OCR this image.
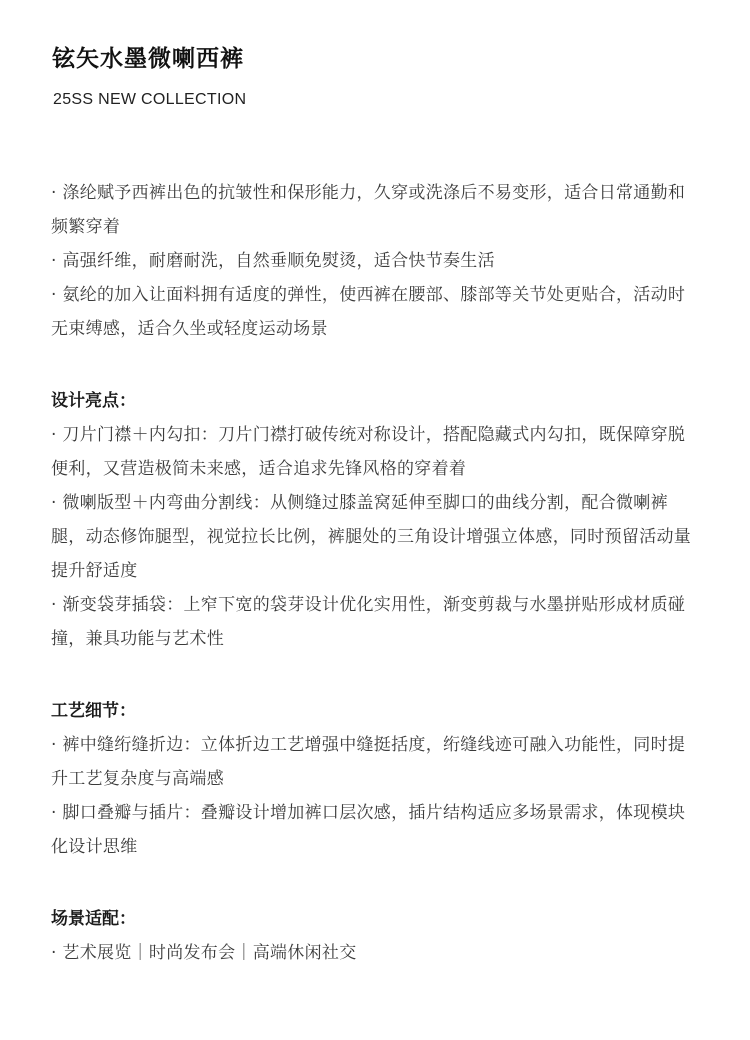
铉矢水墨微喇西裤

25SS NEW COLLECTION

· 涤纶赋予西裤出色的抗皱性和保形能力，久穿或洗涤后不易变形，适合日常通勤和频繁穿着

· 高强纤维，耐磨耐洗，自然垂顺免熨烫，适合快节奏生活

· 氨纶的加入让面料拥有适度的弹性，使西裤在腰部、膝部等关节处更贴合，活动时无束缚感，适合久坐或轻度运动场景

设计亮点：

· 刀片门襟＋内勾扣：刀片门襟打破传统对称设计，搭配隐藏式内勾扣，既保障穿脱便利，又营造极简未来感，适合追求先锋风格的穿着着

· 微喇版型＋内弯曲分割线：从侧缝过膝盖窝延伸至脚口的曲线分割，配合微喇裤腿，动态修饰腿型，视觉拉长比例，裤腿处的三角设计增强立体感，同时预留活动量提升舒适度

· 渐变袋芽插袋：上窄下宽的袋芽设计优化实用性，渐变剪裁与水墨拼贴形成材质碰撞，兼具功能与艺术性

工艺细节：

· 裤中缝绗缝折边：立体折边工艺增强中缝挺括度，绗缝线迹可融入功能性，同时提升工艺复杂度与高端感

· 脚口叠瓣与插片：叠瓣设计增加裤口层次感，插片结构适应多场景需求，体现模块化设计思维

场景适配：

· 艺术展览｜时尚发布会｜高端休闲社交
